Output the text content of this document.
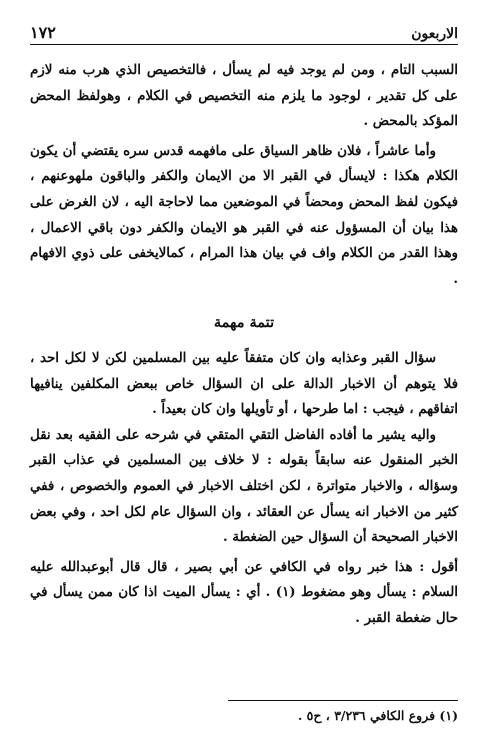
١٧٢	الاربعون

السبب التام ، ومن لم يوجد فيه لم يسأل ، فالتخصيص الذي هرب منه لازم على كل تقدير ، لوجود ما يلزم منه التخصيص في الكلام ، وهولفظ المحض المؤكد بالمحض .

وأما عاشراً ، فلان ظاهر السياق على مافهمه قدس سره يقتضي أن يكون الكلام هكذا : لايسأل في القبر الا من الايمان والكفر والباقون ملهوعنهم ، فيكون لفظ المحض ومحضاً في الموضعين مما لاحاجة اليه ، لان الغرض على هذا بيان أن المسؤول عنه في القبر هو الايمان والكفر دون باقي الاعمال ، وهذا القدر من الكلام واف في بيان هذا المرام ، كمالايخفى على ذوي الافهام .

تتمة مهمة

سؤال القبر وعذابه وان كان متفقاً عليه بين المسلمين لكن لا لكل احد ، فلا يتوهم أن الاخبار الدالة على ان السؤال خاص ببعض المكلفين ينافيها اتفاقهم ، فيجب : اما طرحها ، أو تأويلها وان كان بعيداً .

واليه يشير ما أفاده الفاضل التقي المتقي في شرحه على الفقيه بعد نقل الخبر المنقول عنه سابقاً بقوله : لا خلاف بين المسلمين في عذاب القبر وسؤاله ، والاخبار متواترة ، لكن اختلف الاخبار في العموم والخصوص ، ففي كثير من الاخبار انه يسأل عن العقائد ، وان السؤال عام لكل احد ، وفي بعض الاخبار الصحيحة أن السؤال حين الضغطة .

أقول : هذا خبر رواه في الكافي عن أبي بصير ، قال قال أبوعبدالله عليه السلام : يسأل وهو مضغوط (١) . أي : يسأل الميت اذا كان ممن يسأل في حال ضغطة القبر .

(١) فروع الكافي ٣/٢٣٦ ، ح٥ .
